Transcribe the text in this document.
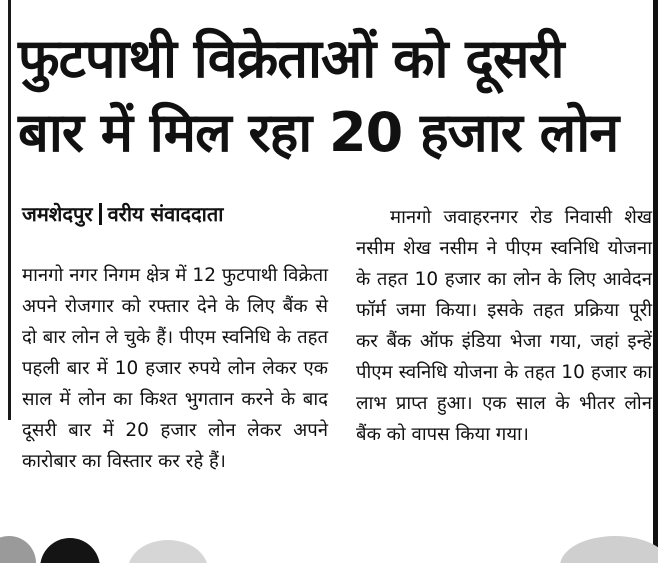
फुटपाथी विक्रेताओं को दूसरी
बार में मिल रहा 20 हजार लोन
जमशेदपुर वरीय संवाददाता

मानगो नगर निगम क्षेत्र में 12 फुटपाथी विक्रेता अपने रोजगार को रफ्तार देने के लिए बैंक से दो बार लोन ले चुके हैं। पीएम स्वनिधि के तहत पहली बार में 10 हजार रुपये लोन लेकर एक साल में लोन का किश्त भुगतान करने के बाद दूसरी बार में 20 हजार लोन लेकर अपने कारोबार का विस्तार कर रहे हैं।

मानगो जवाहरनगर रोड निवासी शेख नसीम शेख नसीम ने पीएम स्वनिधि योजना के तहत 10 हजार का लोन के लिए आवेदन फॉर्म जमा किया। इसके तहत प्रक्रिया पूरी कर बैंक ऑफ इंडिया भेजा गया, जहां इन्हें पीएम स्वनिधि योजना के तहत 10 हजार का लाभ प्राप्त हुआ। एक साल के भीतर लोन बैंक को वापस किया गया।
